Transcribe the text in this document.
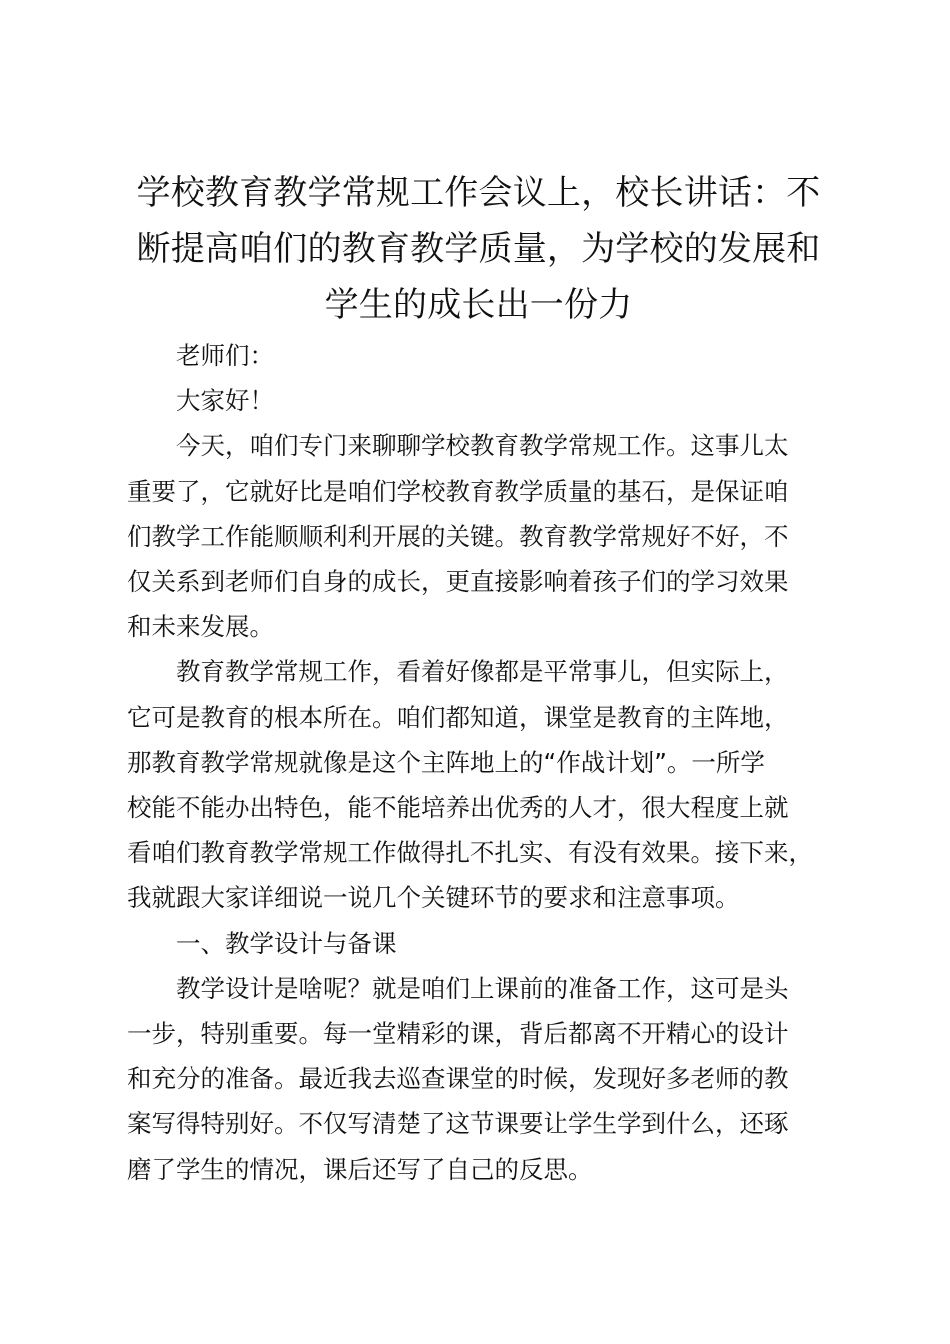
学校教育教学常规工作会议上，校长讲话：不
断提高咱们的教育教学质量，为学校的发展和
学生的成长出一份力

老师们：

大家好！

今天，咱们专门来聊聊学校教育教学常规工作。这事儿太
重要了，它就好比是咱们学校教育教学质量的基石，是保证咱
们教学工作能顺顺利利开展的关键。教育教学常规好不好，不
仅关系到老师们自身的成长，更直接影响着孩子们的学习效果
和未来发展。

教育教学常规工作，看着好像都是平常事儿，但实际上，
它可是教育的根本所在。咱们都知道，课堂是教育的主阵地，
那教育教学常规就像是这个主阵地上的“作战计划”。一所学
校能不能办出特色，能不能培养出优秀的人才，很大程度上就
看咱们教育教学常规工作做得扎不扎实、有没有效果。接下来，
我就跟大家详细说一说几个关键环节的要求和注意事项。

一、教学设计与备课

教学设计是啥呢？就是咱们上课前的准备工作，这可是头
一步，特别重要。每一堂精彩的课，背后都离不开精心的设计
和充分的准备。最近我去巡查课堂的时候，发现好多老师的教
案写得特别好。不仅写清楚了这节课要让学生学到什么，还琢
磨了学生的情况，课后还写了自己的反思。
